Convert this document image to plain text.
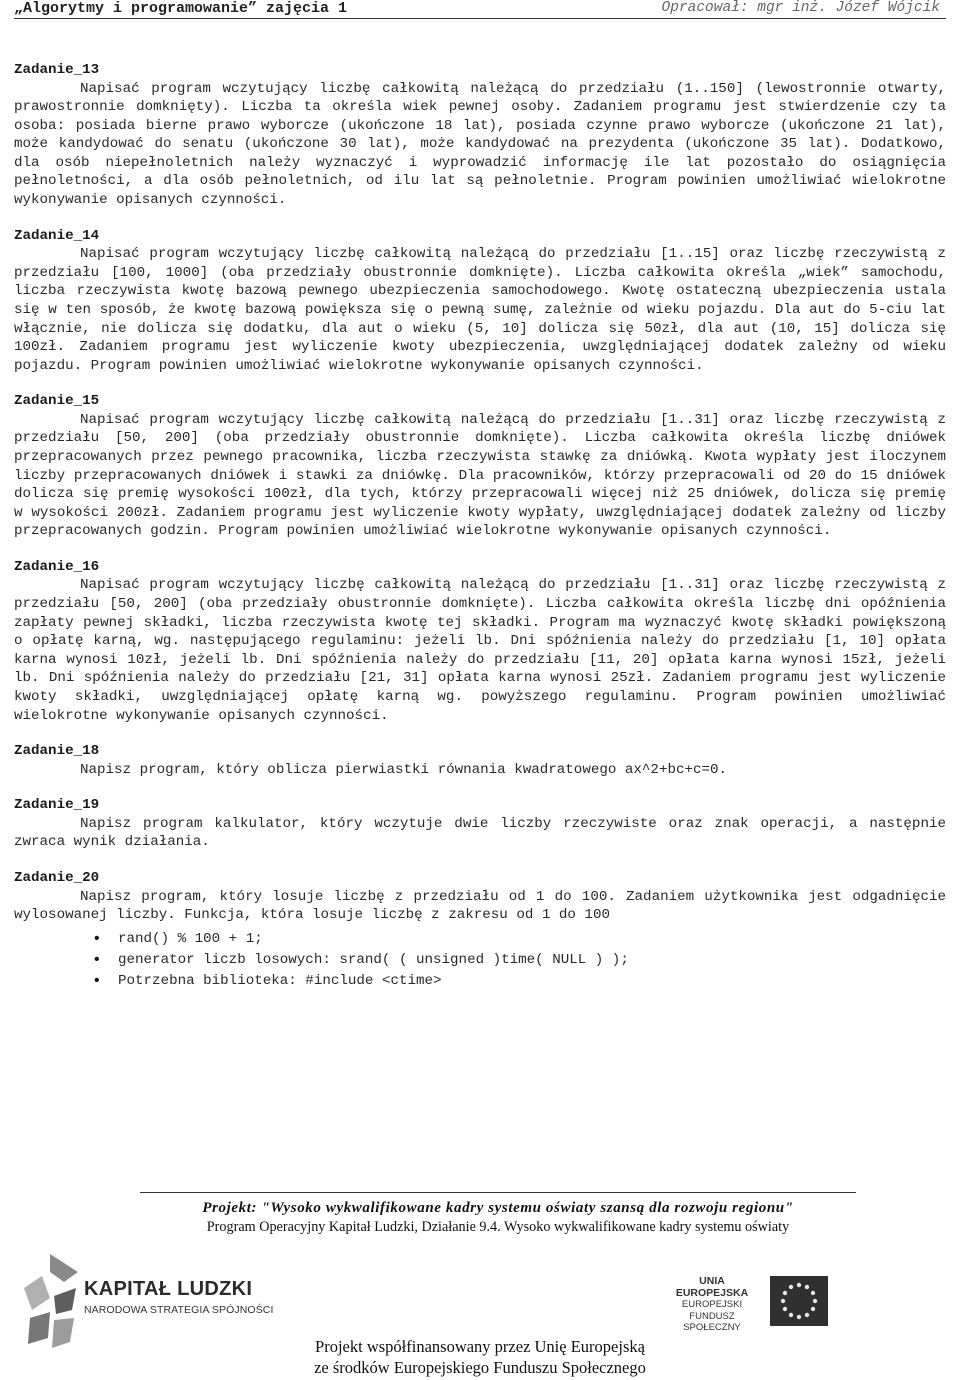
„Algorytmy i programowanie” zajęcia 1	Opracował: mgr inż. Józef Wójcik

Zadanie_13

Napisać program wczytujący liczbę całkowitą należącą do przedziału (1..150] (lewostronnie otwarty, prawostronnie domknięty). Liczba ta określa wiek pewnej osoby. Zadaniem programu jest stwierdzenie czy ta osoba: posiada bierne prawo wyborcze (ukończone 18 lat), posiada czynne prawo wyborcze (ukończone 21 lat), może kandydować do senatu (ukończone 30 lat), może kandydować na prezydenta (ukończone 35 lat). Dodatkowo, dla osób niepełnoletnich należy wyznaczyć i wyprowadzić informację ile lat pozostało do osiągnięcia pełnoletności, a dla osób pełnoletnich, od ilu lat są pełnoletnie. Program powinien umożliwiać wielokrotne wykonywanie opisanych czynności.

Zadanie_14

Napisać program wczytujący liczbę całkowitą należącą do przedziału [1..15] oraz liczbę rzeczywistą z przedziału [100, 1000] (oba przedziały obustronnie domknięte). Liczba całkowita określa „wiek” samochodu, liczba rzeczywista kwotę bazową pewnego ubezpieczenia samochodowego. Kwotę ostateczną ubezpieczenia ustala się w ten sposób, że kwotę bazową powiększa się o pewną sumę, zależnie od wieku pojazdu. Dla aut do 5-ciu lat włącznie, nie dolicza się dodatku, dla aut o wieku (5, 10] dolicza się 50zł, dla aut (10, 15] dolicza się 100zł. Zadaniem programu jest wyliczenie kwoty ubezpieczenia, uwzględniającej dodatek zależny od wieku pojazdu. Program powinien umożliwiać wielokrotne wykonywanie opisanych czynności.

Zadanie_15

Napisać program wczytujący liczbę całkowitą należącą do przedziału [1..31] oraz liczbę rzeczywistą z przedziału [50, 200] (oba przedziały obustronnie domknięte). Liczba całkowita określa liczbę dniówek przepracowanych przez pewnego pracownika, liczba rzeczywista stawkę za dniówką. Kwota wypłaty jest iloczynem liczby przepracowanych dniówek i stawki za dniówkę. Dla pracowników, którzy przepracowali od 20 do 15 dniówek dolicza się premię wysokości 100zł, dla tych, którzy przepracowali więcej niż 25 dniówek, dolicza się premię w wysokości 200zł. Zadaniem programu jest wyliczenie kwoty wypłaty, uwzględniającej dodatek zależny od liczby przepracowanych godzin. Program powinien umożliwiać wielokrotne wykonywanie opisanych czynności.

Zadanie_16

Napisać program wczytujący liczbę całkowitą należącą do przedziału [1..31] oraz liczbę rzeczywistą z przedziału [50, 200] (oba przedziały obustronnie domknięte). Liczba całkowita określa liczbę dni opóźnienia zapłaty pewnej składki, liczba rzeczywista kwotę tej składki. Program ma wyznaczyć kwotę składki powiększoną o opłatę karną, wg. następującego regulaminu: jeżeli lb. Dni spóźnienia należy do przedziału [1, 10] opłata karna wynosi 10zł, jeżeli lb. Dni spóźnienia należy do przedziału [11, 20] opłata karna wynosi 15zł, jeżeli lb. Dni spóźnienia należy do przedziału [21, 31] opłata karna wynosi 25zł. Zadaniem programu jest wyliczenie kwoty składki, uwzględniającej opłatę karną wg. powyższego regulaminu. Program powinien umożliwiać wielokrotne wykonywanie opisanych czynności.

Zadanie_18

Napisz program, który oblicza pierwiastki równania kwadratowego ax^2+bc+c=0.

Zadanie_19

Napisz program kalkulator, który wczytuje dwie liczby rzeczywiste oraz znak operacji, a następnie zwraca wynik działania.

Zadanie_20

Napisz program, który losuje liczbę z przedziału od 1 do 100. Zadaniem użytkownika jest odgadnięcie wylosowanej liczby. Funkcja, która losuje liczbę z zakresu od 1 do 100

• rand() % 100 + 1;
• generator liczb losowych: srand( ( unsigned )time( NULL ) );
• Potrzebna biblioteka: #include <ctime>
Projekt: "Wysoko wykwalifikowane kadry systemu oświaty szansą dla rozwoju regionu"
Program Operacyjny Kapitał Ludzki, Działanie 9.4. Wysoko wykwalifikowane kadry systemu oświaty
KAPITAŁ LUDZKI
NARODOWA STRATEGIA SPÓJNOŚCI
UNIA EUROPEJSKA
EUROPEJSKI
FUNDUSZ SPOŁECZNY
Projekt współfinansowany przez Unię Europejską
ze środków Europejskiego Funduszu Społecznego
